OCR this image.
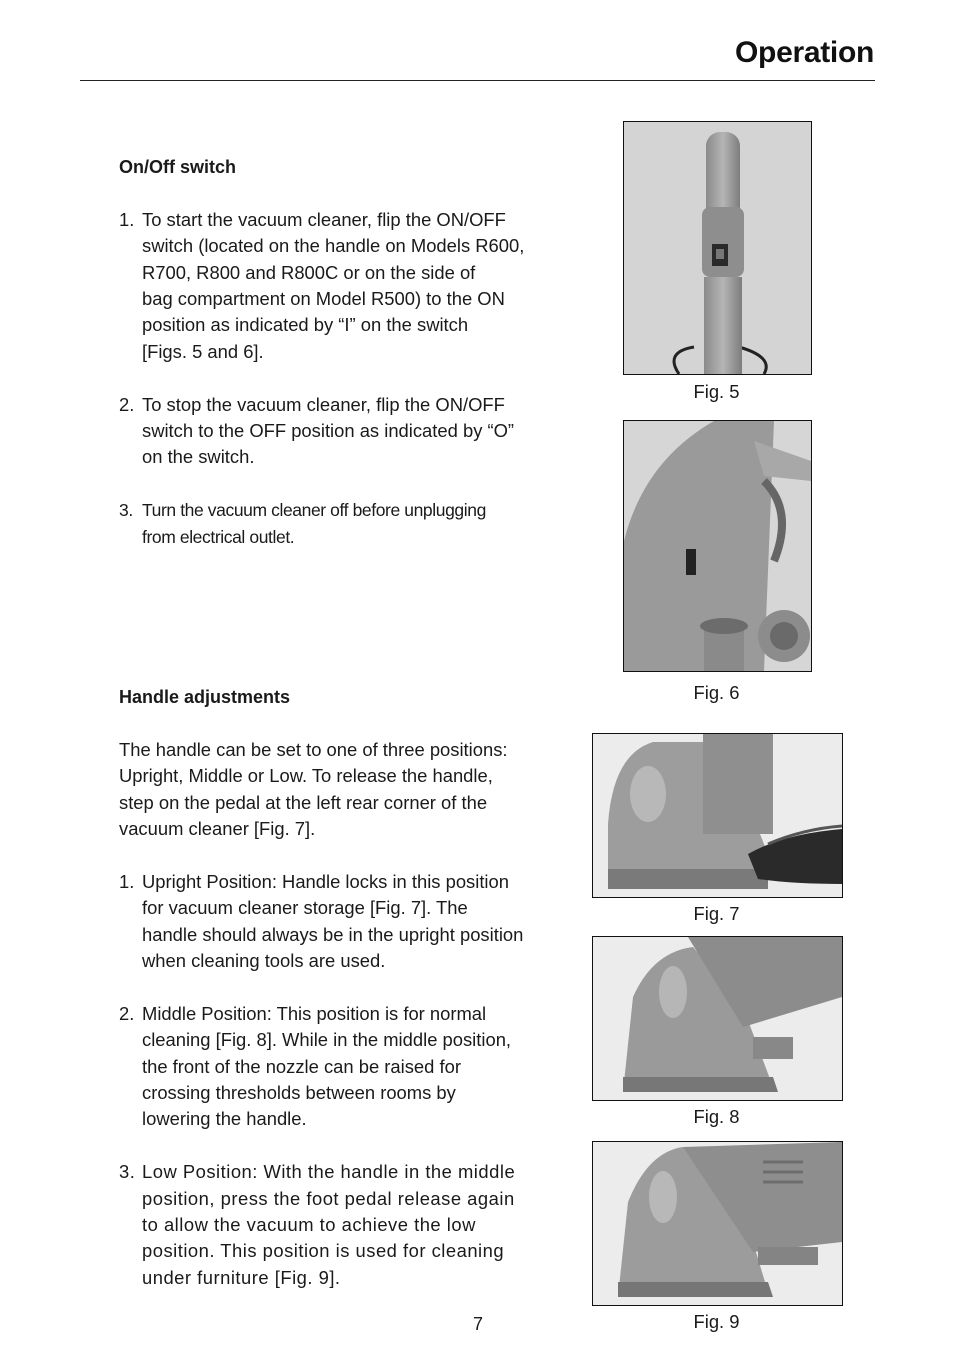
Operation
On/Off switch
1. To start the vacuum cleaner, flip the ON/OFF
switch (located on the handle on Models R600,
R700, R800 and R800C or on the side of
bag compartment on Model R500) to the ON
position as indicated by “I” on the switch
[Figs. 5 and 6].
2. To stop the vacuum cleaner, flip the ON/OFF
switch to the OFF position as indicated by “O”
on the switch.
3. Turn the vacuum cleaner off before unplugging
from electrical outlet.
Handle adjustments
The handle can be set to one of three positions:
Upright, Middle or Low. To release the handle,
step on the pedal at the left rear corner of the
vacuum cleaner [Fig. 7].
1. Upright Position: Handle locks in this position
for vacuum cleaner storage [Fig. 7]. The
handle should always be in the upright position
when cleaning tools are used.
2. Middle Position: This position is for normal
cleaning [Fig. 8]. While in the middle position,
the front of the nozzle can be raised for
crossing thresholds between rooms by
lowering the handle.
3. Low Position: With the handle in the middle
position, press the foot pedal release again
to allow the vacuum to achieve the low
position. This position is used for cleaning
under furniture [Fig. 9].
Fig. 5
Fig. 6
Fig. 7
Fig. 8
Fig. 9
7
